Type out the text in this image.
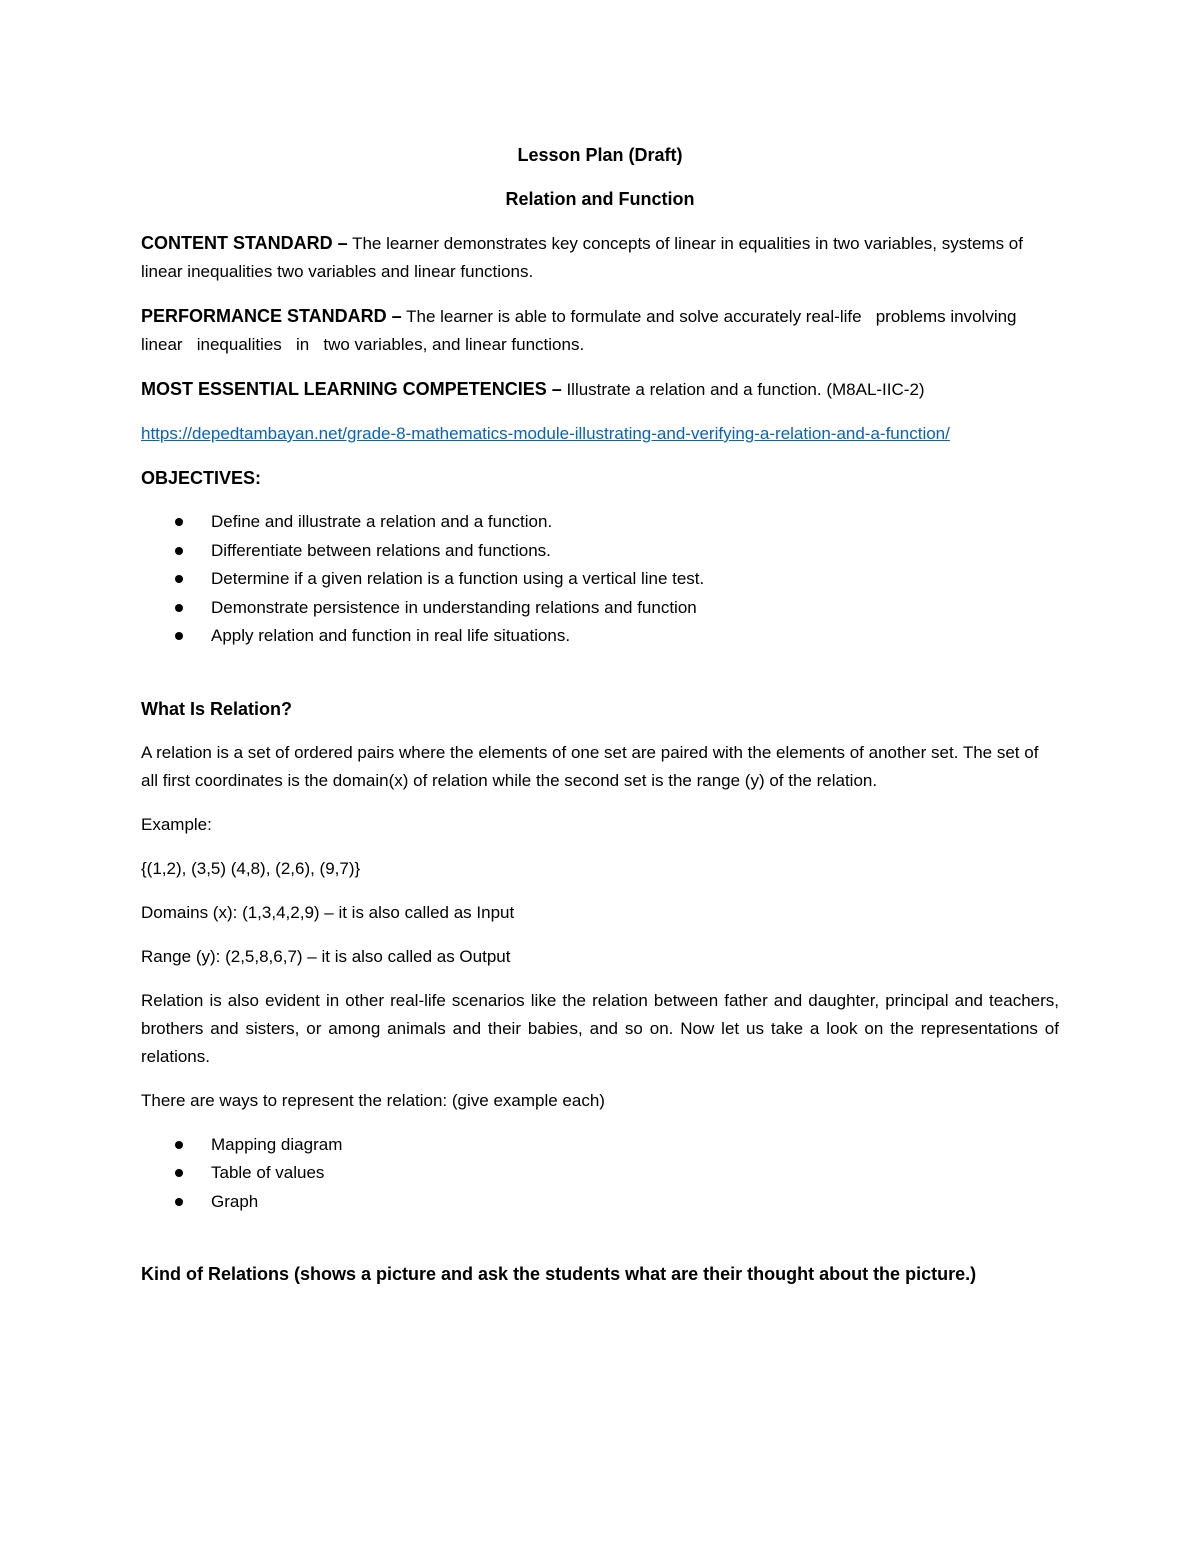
Lesson Plan (Draft)
Relation and Function

CONTENT STANDARD – The learner demonstrates key concepts of linear in equalities in two variables, systems of linear inequalities two variables and linear functions.

PERFORMANCE STANDARD – The learner is able to formulate and solve accurately real-life   problems involving   linear   inequalities   in   two variables, and linear functions.

MOST ESSENTIAL LEARNING COMPETENCIES – Illustrate a relation and a function. (M8AL-IIC-2)

https://depedtambayan.net/grade-8-mathematics-module-illustrating-and-verifying-a-relation-and-a-function/

OBJECTIVES:
Define and illustrate a relation and a function.
Differentiate between relations and functions.
Determine if a given relation is a function using a vertical line test.
Demonstrate persistence in understanding relations and function
Apply relation and function in real life situations.
What Is Relation?

A relation is a set of ordered pairs where the elements of one set are paired with the elements of another set. The set of all first coordinates is the domain(x) of relation while the second set is the range (y) of the relation.

Example:

{(1,2), (3,5) (4,8), (2,6), (9,7)}

Domains (x): (1,3,4,2,9) – it is also called as Input

Range (y): (2,5,8,6,7) – it is also called as Output

Relation is also evident in other real-life scenarios like the relation between father and daughter, principal and teachers, brothers and sisters, or among animals and their babies, and so on. Now let us take a look on the representations of relations.

There are ways to represent the relation: (give example each)

Mapping diagram
Table of values
Graph
Kind of Relations (shows a picture and ask the students what are their thought about the picture.)
